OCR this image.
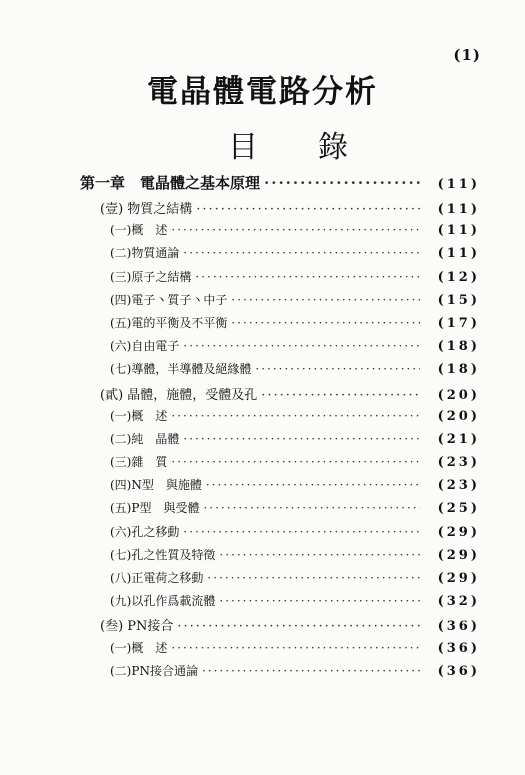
(1)
電晶體電路分析
目錄
第一章　電晶體之基本原理 ·····	(11)
(壹) 物質之結構 ·····	(11)
(一)概　述 ·····	(11)
(二)物質通論 ·····	(11)
(三)原子之結構 ·····	(12)
(四)電子丶質子丶中子 ·····	(15)
(五)電的平衡及不平衡 ·····	(17)
(六)自由電子 ·····	(18)
(七)導體，半導體及絕緣體 ·····	(18)
(貳) 晶體，施體，受體及孔 ·····	(20)
(一)概　述 ·····	(20)
(二)純　晶體 ·····	(21)
(三)雜　質 ·····	(23)
(四)N型　與施體 ·····	(23)
(五)P型　與受體 ·····	(25)
(六)孔之移動 ·····	(29)
(七)孔之性質及特徵 ·····	(29)
(八)正電荷之移動 ·····	(29)
(九)以孔作爲載流體 ·····	(32)
(叁) PN接合 ·····	(36)
(一)概　述 ·····	(36)
(二)PN接合通論 ·····	(36)
